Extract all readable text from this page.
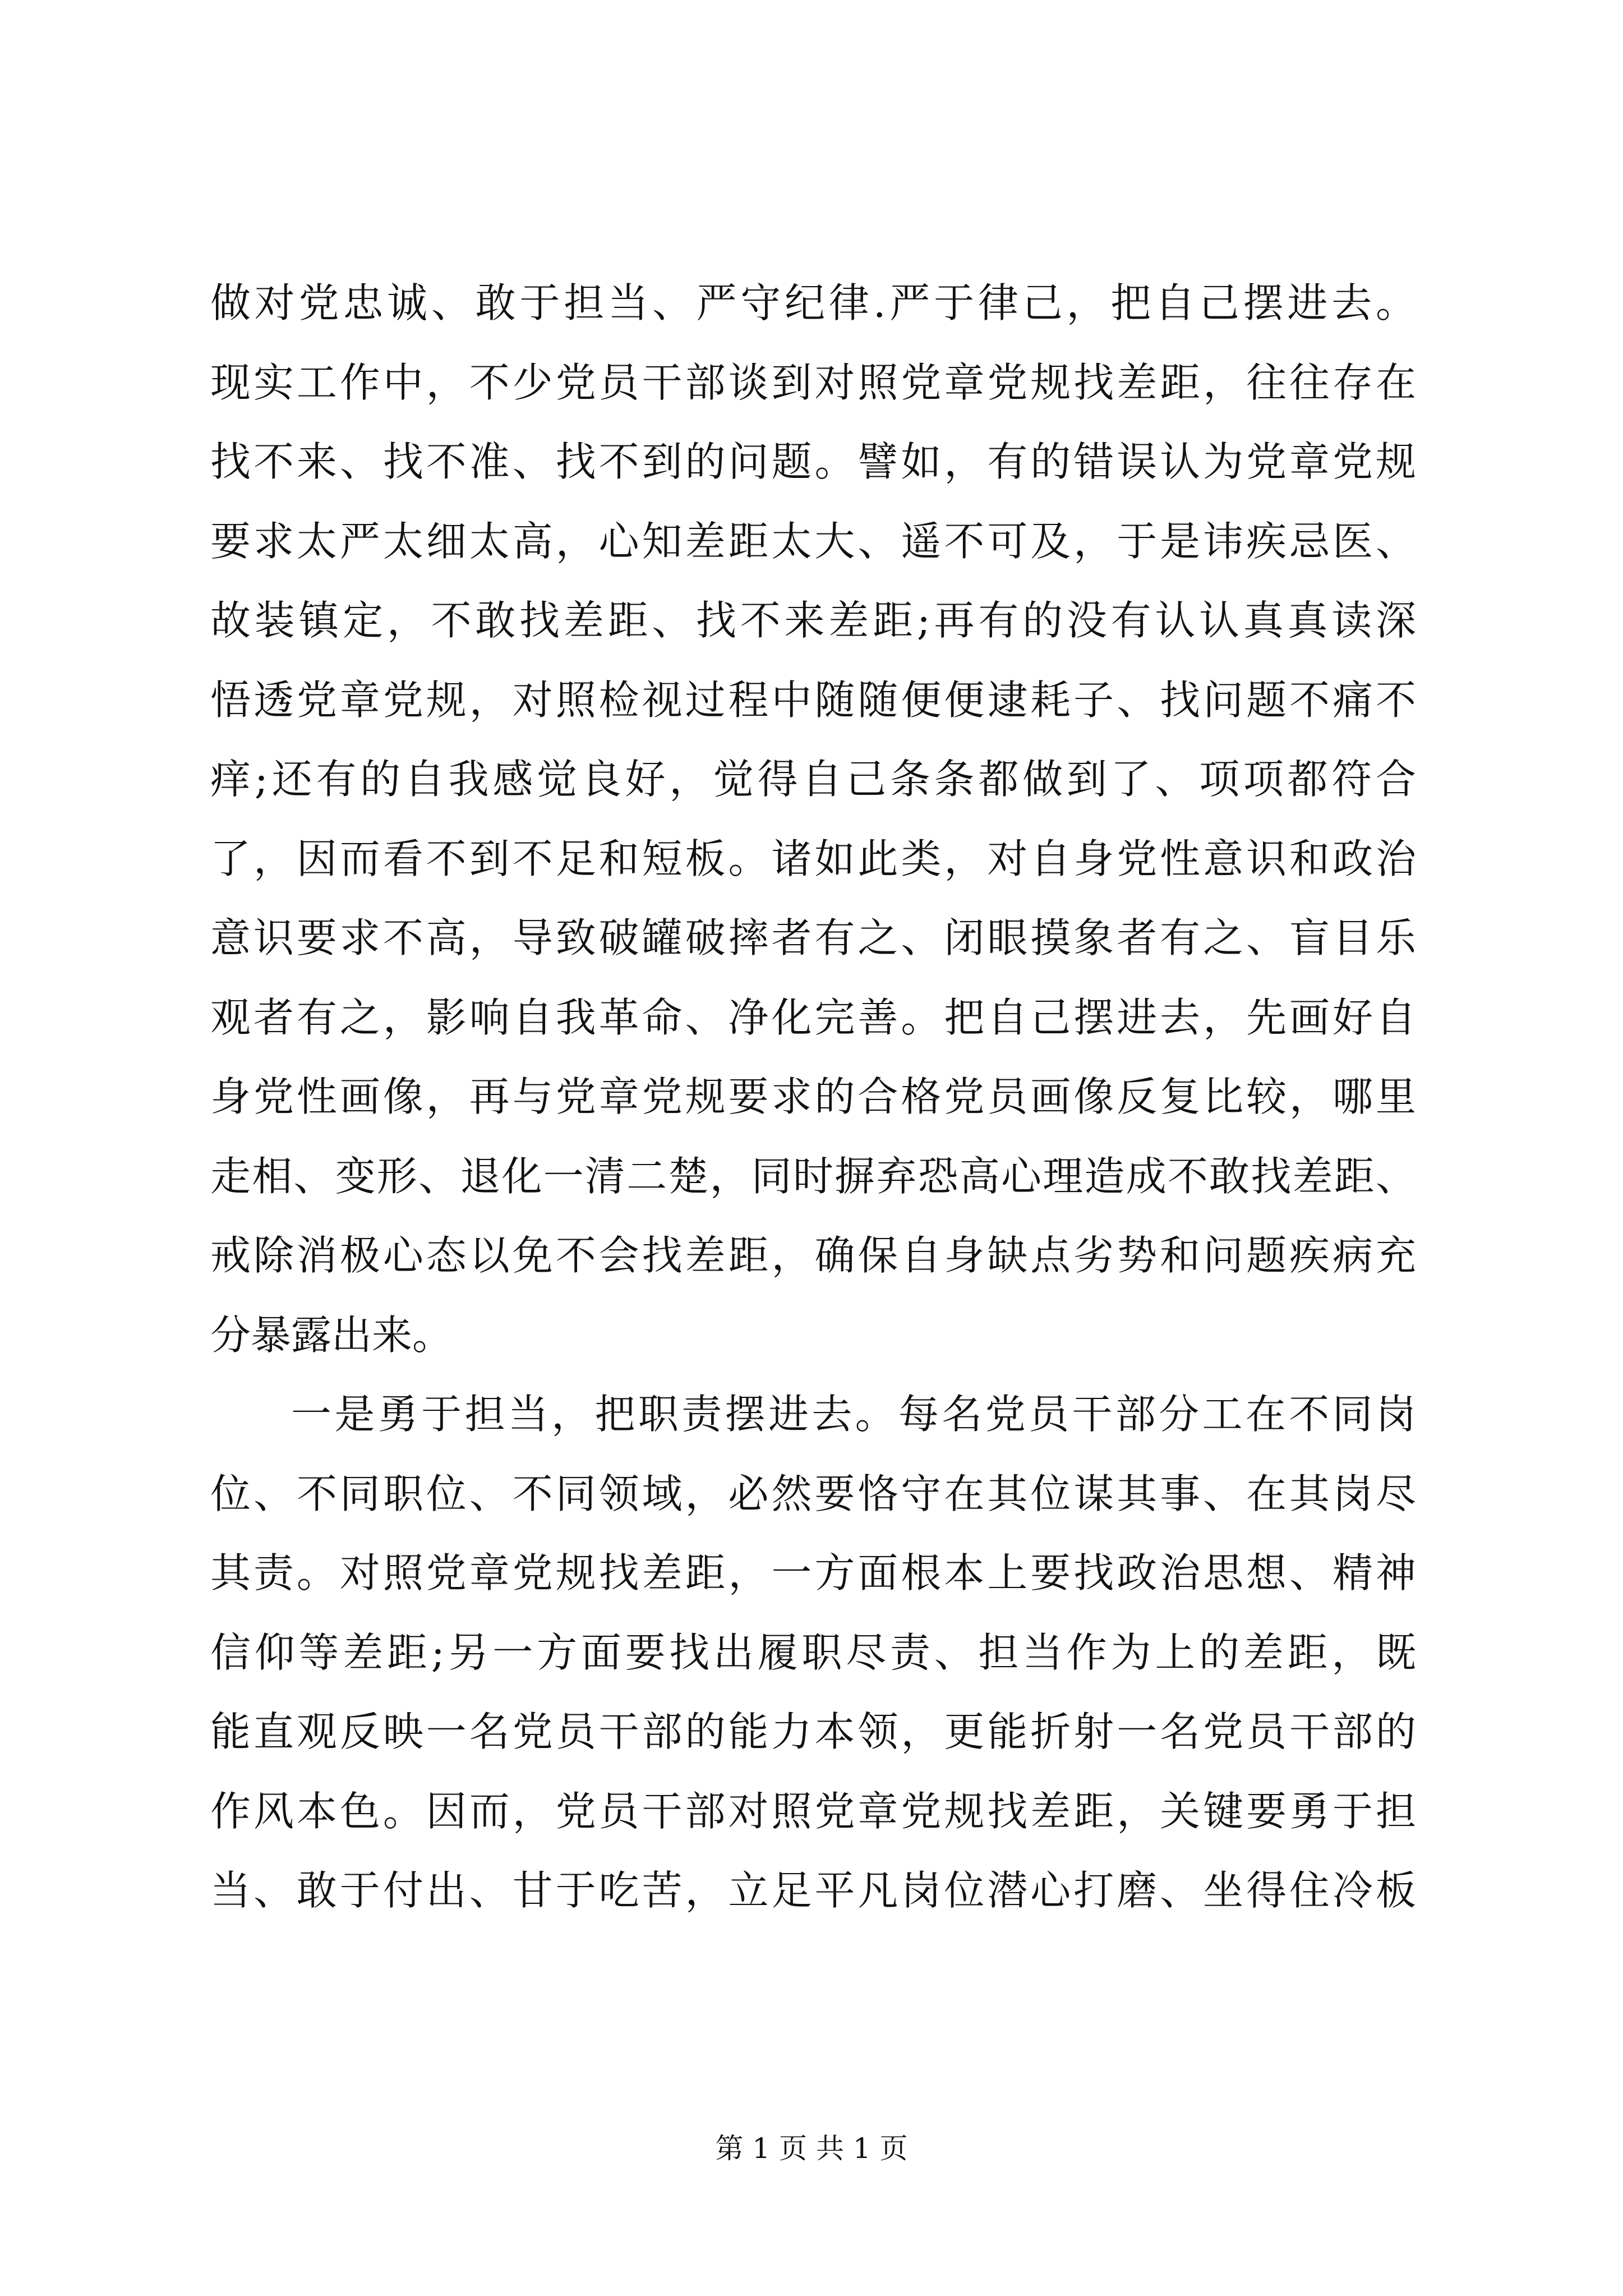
做对党忠诚、敢于担当、严守纪律.严于律己，把自己摆进去。
现实工作中，不少党员干部谈到对照党章党规找差距，往往存在
找不来、找不准、找不到的问题。譬如，有的错误认为党章党规
要求太严太细太高，心知差距太大、遥不可及，于是讳疾忌医、
故装镇定，不敢找差距、找不来差距;再有的没有认认真真读深
悟透党章党规，对照检视过程中随随便便逮耗子、找问题不痛不
痒;还有的自我感觉良好，觉得自己条条都做到了、项项都符合
了，因而看不到不足和短板。诸如此类，对自身党性意识和政治
意识要求不高，导致破罐破摔者有之、闭眼摸象者有之、盲目乐
观者有之，影响自我革命、净化完善。把自己摆进去，先画好自
身党性画像，再与党章党规要求的合格党员画像反复比较，哪里
走相、变形、退化一清二楚，同时摒弃恐高心理造成不敢找差距、
戒除消极心态以免不会找差距，确保自身缺点劣势和问题疾病充
分暴露出来。
一是勇于担当，把职责摆进去。每名党员干部分工在不同岗
位、不同职位、不同领域，必然要恪守在其位谋其事、在其岗尽
其责。对照党章党规找差距，一方面根本上要找政治思想、精神
信仰等差距;另一方面要找出履职尽责、担当作为上的差距，既
能直观反映一名党员干部的能力本领，更能折射一名党员干部的
作风本色。因而，党员干部对照党章党规找差距，关键要勇于担
当、敢于付出、甘于吃苦，立足平凡岗位潜心打磨、坐得住冷板
第 1 页 共 1 页
